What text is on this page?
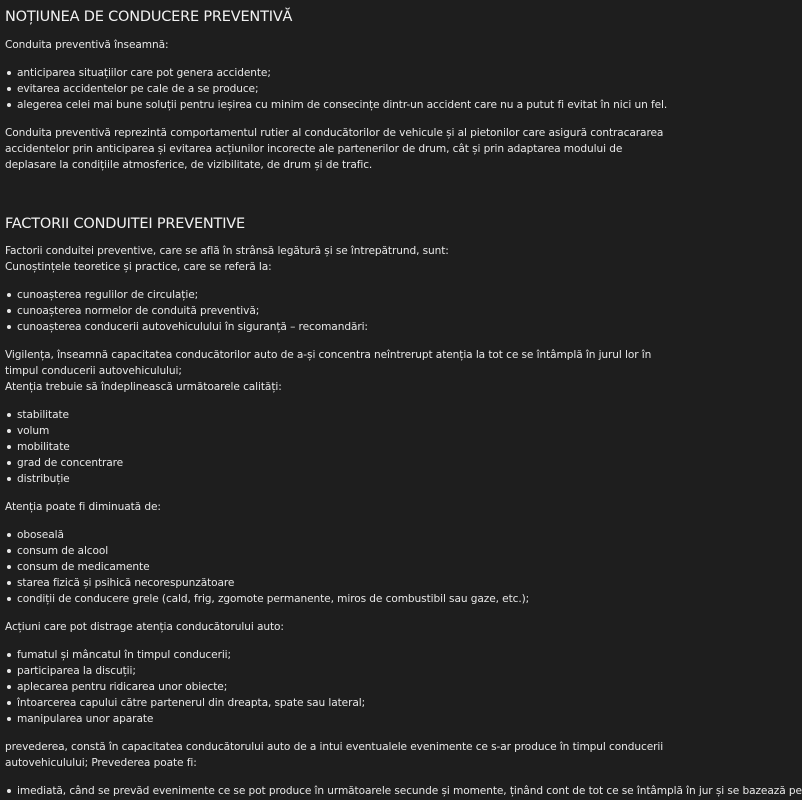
NOȚIUNEA DE CONDUCERE PREVENTIVĂ

Conduita preventivă înseamnă:

anticiparea situațiilor care pot genera accidente;
evitarea accidentelor pe cale de a se produce;
alegerea celei mai bune soluții pentru ieșirea cu minim de consecințe dintr-un accident care nu a putut fi evitat în nici un fel.

Conduita preventivă reprezintă comportamentul rutier al conducătorilor de vehicule și al pietonilor care asigură contracararea accidentelor prin anticiparea și evitarea acțiunilor incorecte ale partenerilor de drum, cât și prin adaptarea modului de deplasare la condițiile atmosferice, de vizibilitate, de drum și de trafic.

FACTORII CONDUITEI PREVENTIVE

Factorii conduitei preventive, care se află în strânsă legătură și se întrepătrund, sunt:

Cunoștințele teoretice și practice, care se referă la:

cunoașterea regulilor de circulație;
cunoașterea normelor de conduită preventivă;
cunoașterea conducerii autovehiculului în siguranță – recomandări:

Vigilența, înseamnă capacitatea conducătorilor auto de a-și concentra neîntrerupt atenția la tot ce se întâmplă în jurul lor în timpul conducerii autovehiculului;

Atenția trebuie să îndeplinească următoarele calități:

stabilitate
volum
mobilitate
grad de concentrare
distribuție

Atenția poate fi diminuată de:

oboseală
consum de alcool
consum de medicamente
starea fizică și psihică necorespunzătoare
condiții de conducere grele (cald, frig, zgomote permanente, miros de combustibil sau gaze, etc.);

Acțiuni care pot distrage atenția conducătorului auto:

fumatul și mâncatul în timpul conducerii;
participarea la discuții;
aplecarea pentru ridicarea unor obiecte;
întoarcerea capului către partenerul din dreapta, spate sau lateral;
manipularea unor aparate

prevederea, constă în capacitatea conducătorului auto de a intui eventualele evenimente ce s-ar produce în timpul conducerii autovehiculului; Prevederea poate fi:

imediată, când se prevăd evenimente ce se pot produce în următoarele secunde și momente, ținând cont de tot ce se întâmplă în jur și se bazează pe
